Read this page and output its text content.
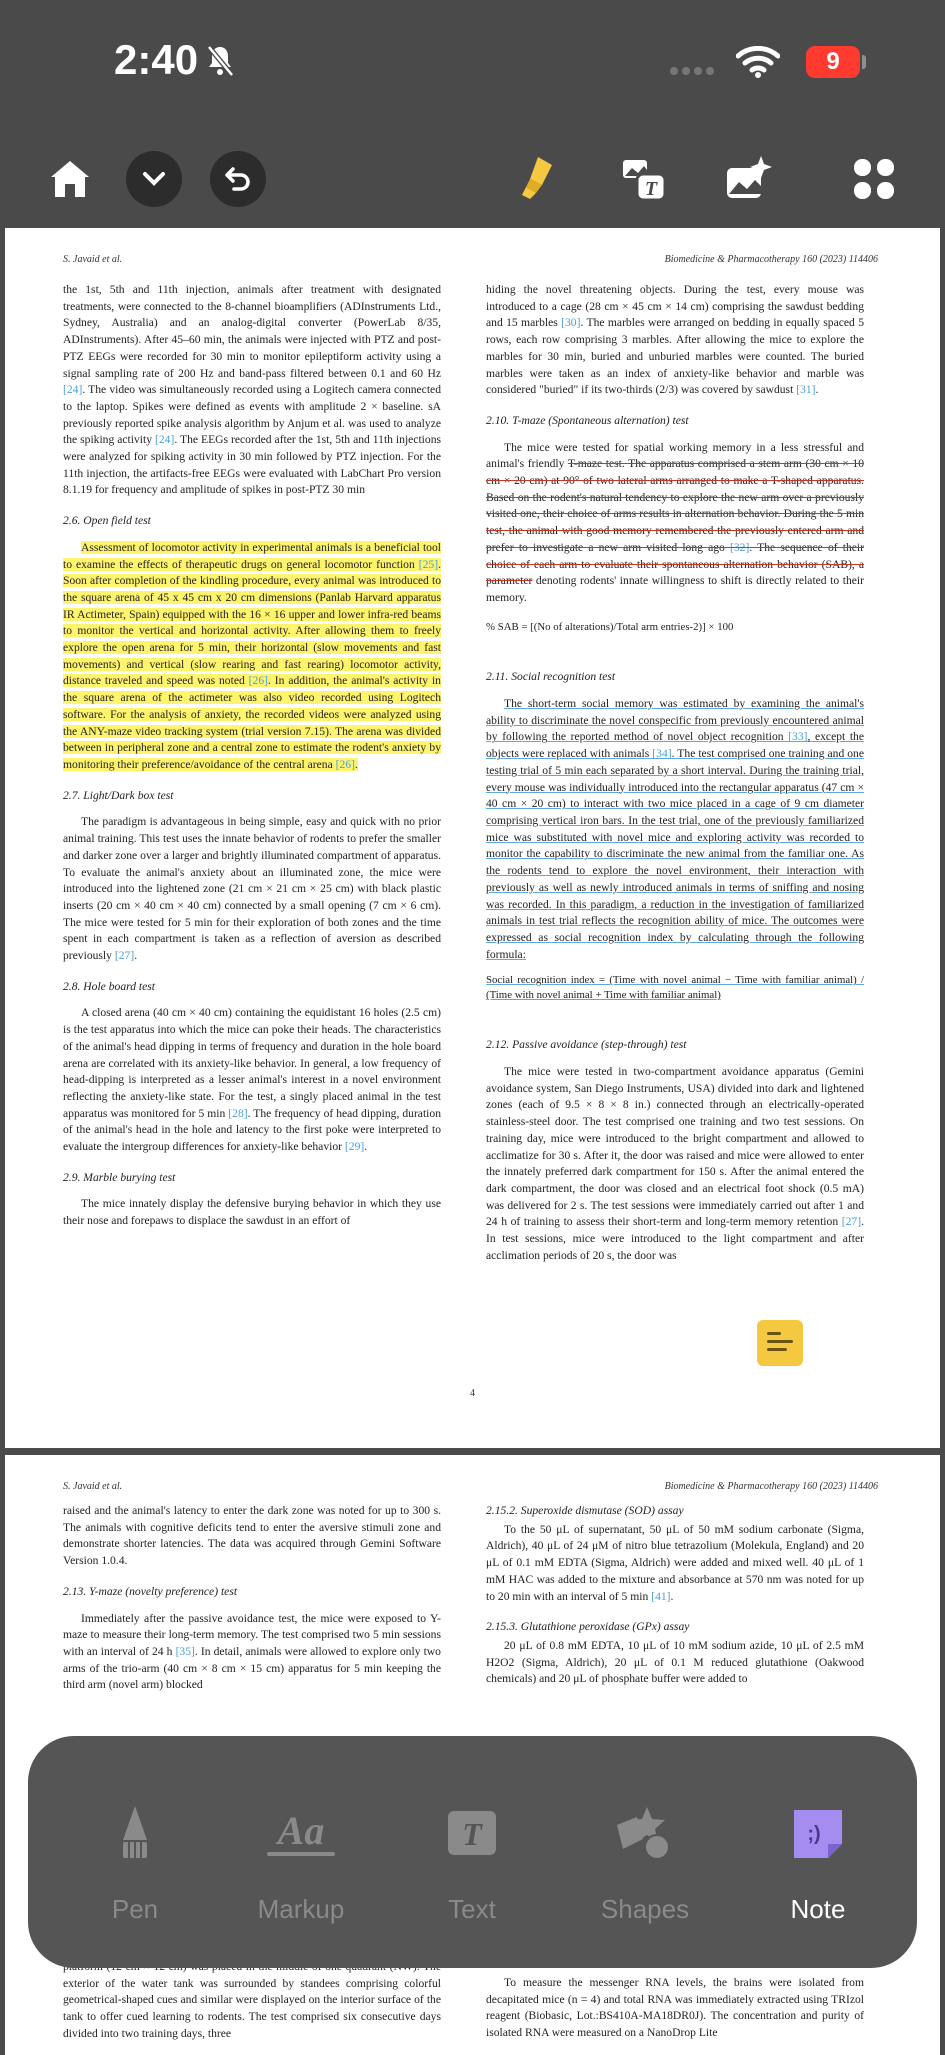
2:40	9
T
S. Javaid et al.	Biomedicine & Pharmacotherapy 160 (2023) 114406

the 1st, 5th and 11th injection, animals after treatment with designated treatments, were connected to the 8-channel bioamplifiers (ADInstruments Ltd., Sydney, Australia) and an analog-digital converter (PowerLab 8/35, ADInstruments). After 45–60 min, the animals were injected with PTZ and post-PTZ EEGs were recorded for 30 min to monitor epileptiform activity using a signal sampling rate of 200 Hz and band-pass filtered between 0.1 and 60 Hz [24]. The video was simultaneously recorded using a Logitech camera connected to the laptop. Spikes were defined as events with amplitude 2 × baseline. sA previously reported spike analysis algorithm by Anjum et al. was used to analyze the spiking activity [24]. The EEGs recorded after the 1st, 5th and 11th injections were analyzed for spiking activity in 30 min followed by PTZ injection. For the 11th injection, the artifacts-free EEGs were evaluated with LabChart Pro version 8.1.19 for frequency and amplitude of spikes in post-PTZ 30 min

2.6. Open field test

Assessment of locomotor activity in experimental animals is a beneficial tool to examine the effects of therapeutic drugs on general locomotor function [25]. Soon after completion of the kindling procedure, every animal was introduced to the square arena of 45 x 45 cm x 20 cm dimensions (Panlab Harvard apparatus IR Actimeter, Spain) equipped with the 16 × 16 upper and lower infra-red beams to monitor the vertical and horizontal activity. After allowing them to freely explore the open arena for 5 min, their horizontal (slow movements and fast movements) and vertical (slow rearing and fast rearing) locomotor activity, distance traveled and speed was noted [26]. In addition, the animal's activity in the square arena of the actimeter was also video recorded using Logitech software. For the analysis of anxiety, the recorded videos were analyzed using the ANY-maze video tracking system (trial version 7.15). The arena was divided between in peripheral zone and a central zone to estimate the rodent's anxiety by monitoring their preference/avoidance of the central arena [26].

2.7. Light/Dark box test

The paradigm is advantageous in being simple, easy and quick with no prior animal training. This test uses the innate behavior of rodents to prefer the smaller and darker zone over a larger and brightly illuminated compartment of apparatus. To evaluate the animal's anxiety about an illuminated zone, the mice were introduced into the lightened zone (21 cm × 21 cm × 25 cm) with black plastic inserts (20 cm × 40 cm × 40 cm) connected by a small opening (7 cm × 6 cm). The mice were tested for 5 min for their exploration of both zones and the time spent in each compartment is taken as a reflection of aversion as described previously [27].

2.8. Hole board test

A closed arena (40 cm × 40 cm) containing the equidistant 16 holes (2.5 cm) is the test apparatus into which the mice can poke their heads. The characteristics of the animal's head dipping in terms of frequency and duration in the hole board arena are correlated with its anxiety-like behavior. In general, a low frequency of head-dipping is interpreted as a lesser animal's interest in a novel environment reflecting the anxiety-like state. For the test, a singly placed animal in the test apparatus was monitored for 5 min [28]. The frequency of head dipping, duration of the animal's head in the hole and latency to the first poke were interpreted to evaluate the intergroup differences for anxiety-like behavior [29].

2.9. Marble burying test

The mice innately display the defensive burying behavior in which they use their nose and forepaws to displace the sawdust in an effort of

hiding the novel threatening objects. During the test, every mouse was introduced to a cage (28 cm × 45 cm × 14 cm) comprising the sawdust bedding and 15 marbles [30]. The marbles were arranged on bedding in equally spaced 5 rows, each row comprising 3 marbles. After allowing the mice to explore the marbles for 30 min, buried and unburied marbles were counted. The buried marbles were taken as an index of anxiety-like behavior and marble was considered "buried" if its two-thirds (2/3) was covered by sawdust [31].

2.10. T-maze (Spontaneous alternation) test

The mice were tested for spatial working memory in a less stressful and animal's friendly T-maze test. The apparatus comprised a stem arm (30 cm × 10 cm × 20 cm) at 90° of two lateral arms arranged to make a T-shaped apparatus. Based on the rodent's natural tendency to explore the new arm over a previously visited one, their choice of arms results in alternation behavior. During the 5 min test, the animal with good memory remembered the previously entered arm and prefer to investigate a new arm visited long ago [32]. The sequence of their choice of each arm to evaluate their spontaneous alternation behavior (SAB), a parameter denoting rodents' innate willingness to shift is directly related to their memory.

% SAB = [(No of alterations)/Total arm entries-2)] × 100

2.11. Social recognition test

The short-term social memory was estimated by examining the animal's ability to discriminate the novel conspecific from previously encountered animal by following the reported method of novel object recognition [33], except the objects were replaced with animals [34]. The test comprised one training and one testing trial of 5 min each separated by a short interval. During the training trial, every mouse was individually introduced into the rectangular apparatus (47 cm × 40 cm × 20 cm) to interact with two mice placed in a cage of 9 cm diameter comprising vertical iron bars. In the test trial, one of the previously familiarized mice was substituted with novel mice and exploring activity was recorded to monitor the capability to discriminate the new animal from the familiar one. As the rodents tend to explore the novel environment, their interaction with previously as well as newly introduced animals in terms of sniffing and nosing was recorded. In this paradigm, a reduction in the investigation of familiarized animals in test trial reflects the recognition ability of mice. The outcomes were expressed as social recognition index by calculating through the following formula:

Social recognition index = (Time with novel animal − Time with familiar animal) / (Time with novel animal + Time with familiar animal)

2.12. Passive avoidance (step-through) test

The mice were tested in two-compartment avoidance apparatus (Gemini avoidance system, San Diego Instruments, USA) divided into dark and lightened zones (each of 9.5 × 8 × 8 in.) connected through an electrically-operated stainless-steel door. The test comprised one training and two test sessions. On training day, mice were introduced to the bright compartment and allowed to acclimatize for 30 s. After it, the door was raised and mice were allowed to enter the innately preferred dark compartment for 150 s. After the animal entered the dark compartment, the door was closed and an electrical foot shock (0.5 mA) was delivered for 2 s. The test sessions were immediately carried out after 1 and 24 h of training to assess their short-term and long-term memory retention [27]. In test sessions, mice were introduced to the light compartment and after acclimation periods of 20 s, the door was

4
S. Javaid et al.	Biomedicine & Pharmacotherapy 160 (2023) 114406

raised and the animal's latency to enter the dark zone was noted for up to 300 s. The animals with cognitive deficits tend to enter the aversive stimuli zone and demonstrate shorter latencies. The data was acquired through Gemini Software Version 1.0.4.

2.13. Y-maze (novelty preference) test

Immediately after the passive avoidance test, the mice were exposed to Y-maze to measure their long-term memory. The test comprised two 5 min sessions with an interval of 24 h [35]. In detail, animals were allowed to explore only two arms of the trio-arm (40 cm × 8 cm × 15 cm) apparatus for 5 min keeping the third arm (novel arm) blocked

2.15.2. Superoxide dismutase (SOD) assay

To the 50 μL of supernatant, 50 μL of 50 mM sodium carbonate (Sigma, Aldrich), 40 μL of 24 μM of nitro blue tetrazolium (Molekula, England) and 20 μL of 0.1 mM EDTA (Sigma, Aldrich) were added and mixed well. 40 μL of 1 mM HAC was added to the mixture and absorbance at 570 nm was noted for up to 20 min with an interval of 5 min [41].

2.15.3. Glutathione peroxidase (GPx) assay

20 μL of 0.8 mM EDTA, 10 μL of 10 mM sodium azide, 10 μL of 2.5 mM H2O2 (Sigma, Aldrich), 20 μL of 0.1 M reduced glutathione (Oakwood chemicals) and 20 μL of phosphate buffer were added to

exterior of the water tank was surrounded by standees comprising colorful geometrical-shaped cues and similar were displayed on the interior surface of the tank to offer cued learning to rodents. The test comprised six consecutive days divided into two training days, three

To measure the messenger RNA levels, the brains were isolated from decapitated mice (n = 4) and total RNA was immediately extracted using TRIzol reagent (Biobasic, Lot.:BS410A-MA18DR0J). The concentration and purity of isolated RNA were measured on a NanoDrop Lite

Pen
Aa
Markup
T
Text	Shapes
;)
Note
